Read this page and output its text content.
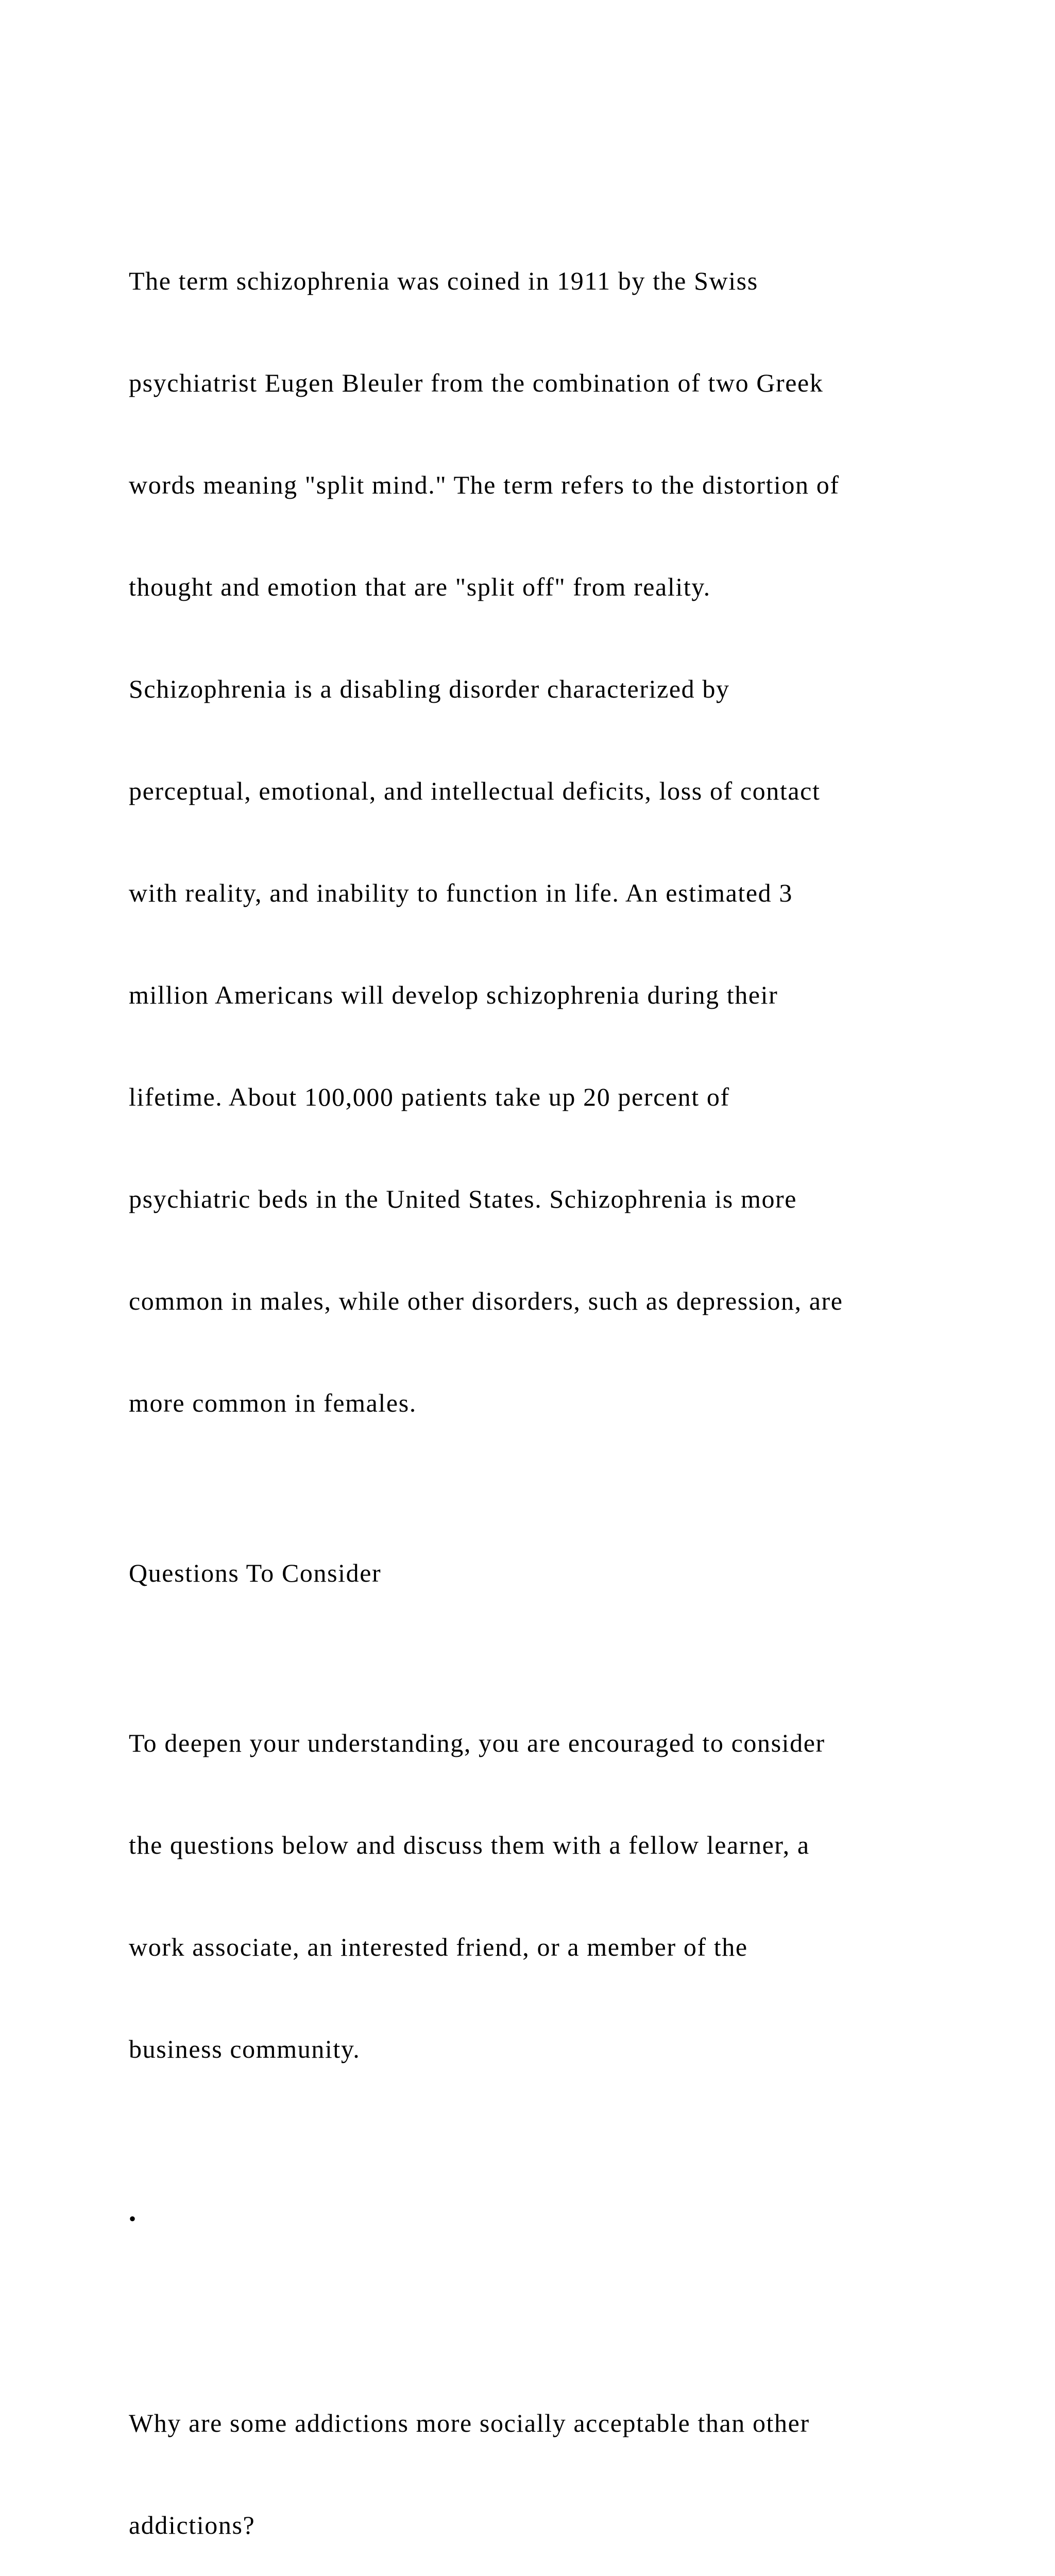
The term schizophrenia was coined in 1911 by the Swiss

psychiatrist Eugen Bleuler from the combination of two Greek

words meaning "split mind." The term refers to the distortion of

thought and emotion that are "split off" from reality.

Schizophrenia is a disabling disorder characterized by

perceptual, emotional, and intellectual deficits, loss of contact

with reality, and inability to function in life. An estimated 3

million Americans will develop schizophrenia during their

lifetime. About 100,000 patients take up 20 percent of

psychiatric beds in the United States. Schizophrenia is more

common in males, while other disorders, such as depression, are

more common in females.

Questions To Consider

To deepen your understanding, you are encouraged to consider

the questions below and discuss them with a fellow learner, a

work associate, an interested friend, or a member of the

business community.

•

Why are some addictions more socially acceptable than other

addictions?
